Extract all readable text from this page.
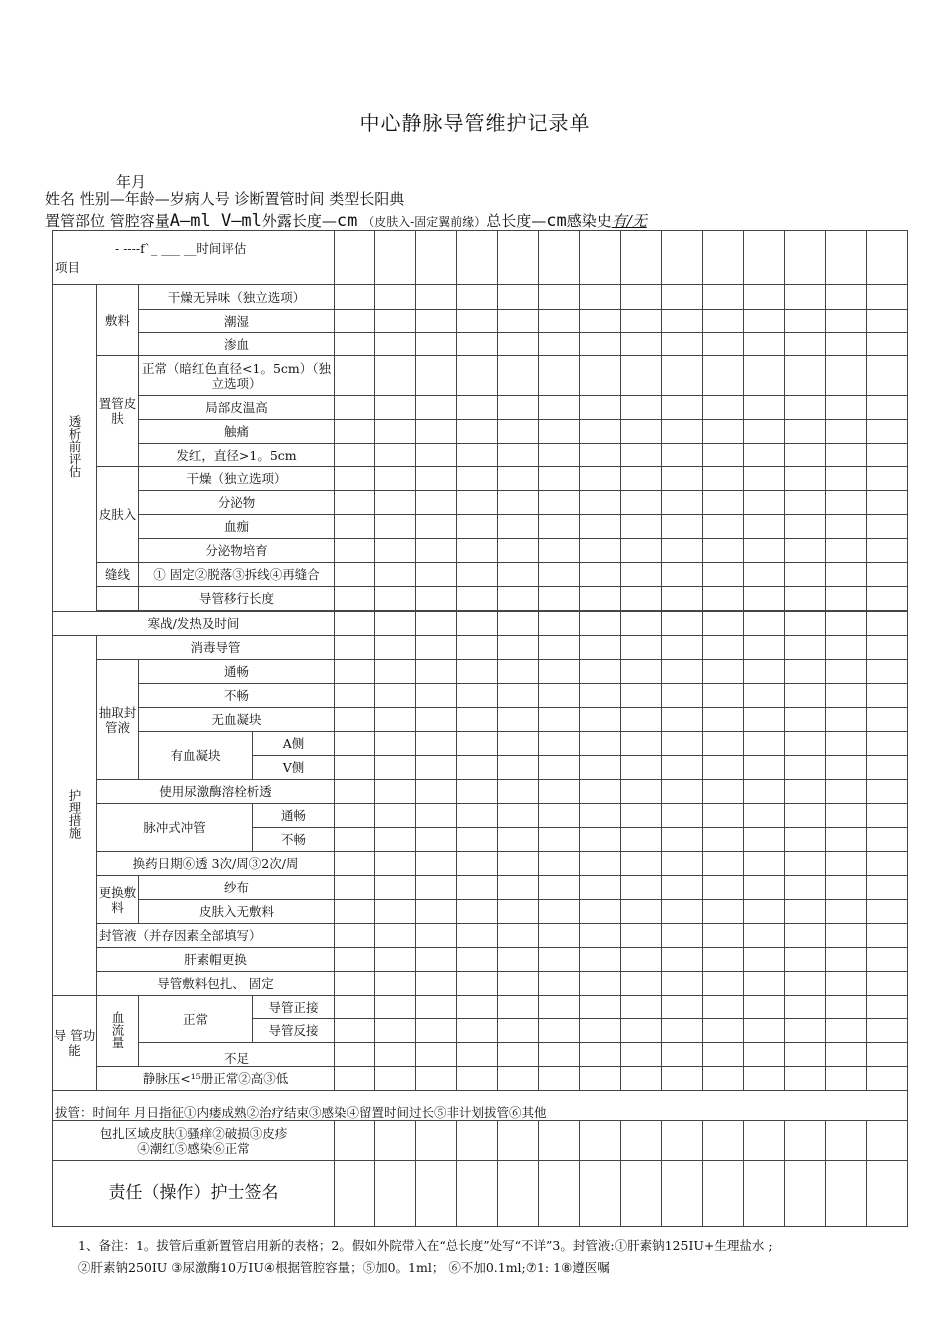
中心静脉导管维护记录单
年月
姓名 性别—年龄—岁病人号 诊断置管时间 类型长阳典
置管部位 管腔容量A—ml V—ml外露长度—cm （皮肤入-固定翼前缘）总长度—cm感染史有/无
- ----f`_ ___ __时间评估
项目																	

透析前评估	敷料	干燥无异味（独立选项）															
		潮湿															
		渗血															
	置管皮 肤	正常（暗红色直径<1。5cm）（独立选项）															
		局部皮温高															
		触痛															
		发红，直径>1。5cm															
	皮肤入	干燥（独立选项）															
		分泌物															
		血痂															
		分泌物培育															
	缝线	① 固定②脱落③拆线④再缝合															
		导管移行长度															

寒战/发热及时间																	
护理措施	消毒导管																
	抽取封管液	通畅															
		不畅															
		无血凝块															
		有血凝块	A侧														
			V侧														
	使用尿激酶溶栓析透																
	脉冲式冲管		通畅														
			不畅														
	换药日期⑥透 3次/周③2次/周																
	更换敷料	纱布															
		皮肤入无敷料															
	封管液（并存因素全部填写）																
	肝素帽更换																
	导管敷料包扎、 固定																
导 管功 能	血流量	正常	导管正接														
			导管反接														
		不足															
	静脉压<¹⁵册正常②高③低																
拔管：时间年 月日指征①内瘘成熟②治疗结束③感染④留置时间过长⑤非计划拔管⑥其他																	

包扎区域皮肤①骚痒②破损③皮疹
④潮红⑤感染⑥正常																	

责任（操作）护士签名																	
1、备注：1。拔管后重新置管启用新的表格；2。假如外院带入在“总长度”处写“不详”3。封管液:①肝素钠125IU+生理盐水 ;
②肝素钠250IU ③尿激酶10万IU④根据管腔容量；⑤加0。1ml； ⑥不加0.1ml;⑦1: 1⑧遵医嘱
